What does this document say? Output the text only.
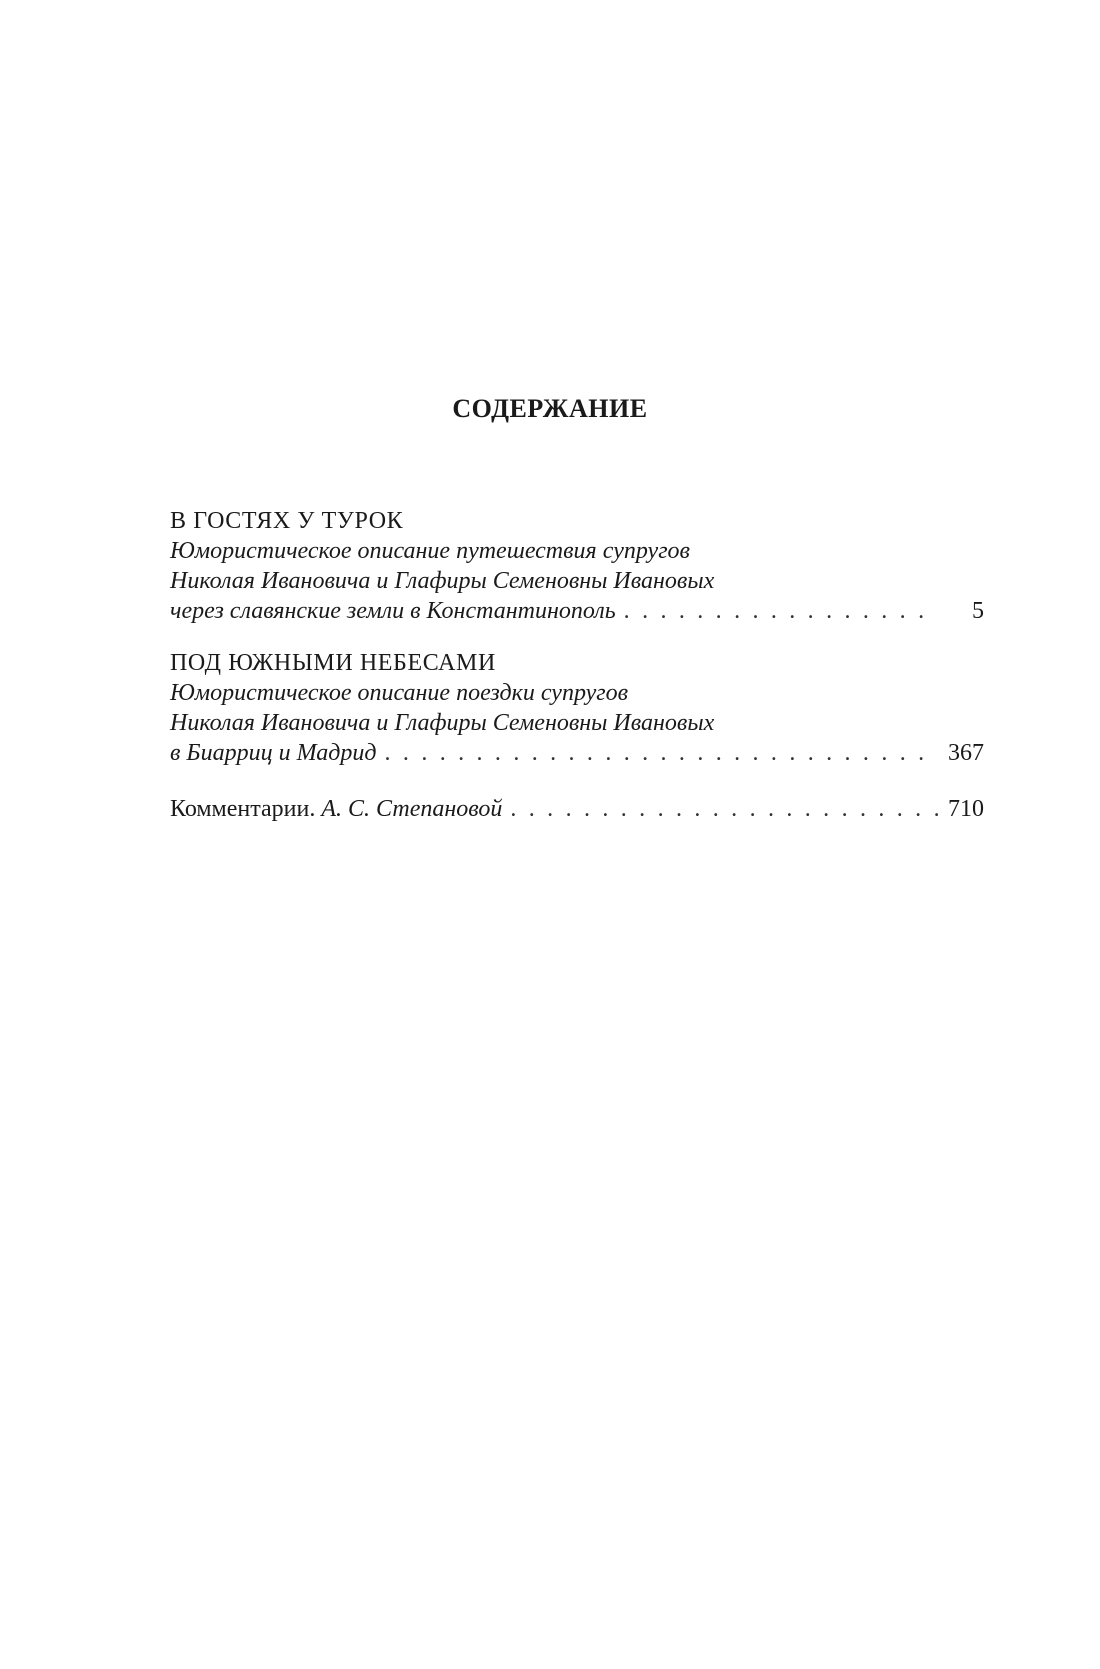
СОДЕРЖАНИЕ
В ГОСТЯХ У ТУРОК
Юмористическое описание путешествия супругов
Николая Ивановича и Глафиры Семеновны Ивановых
через славянские земли в Константинополь . . .	5
ПОД ЮЖНЫМИ НЕБЕСАМИ
Юмористическое описание поездки супругов
Николая Ивановича и Глафиры Семеновны Ивановых
в Биарриц и Мадрид . . .	367
Комментарии. А. С. Степановой . . .	710
